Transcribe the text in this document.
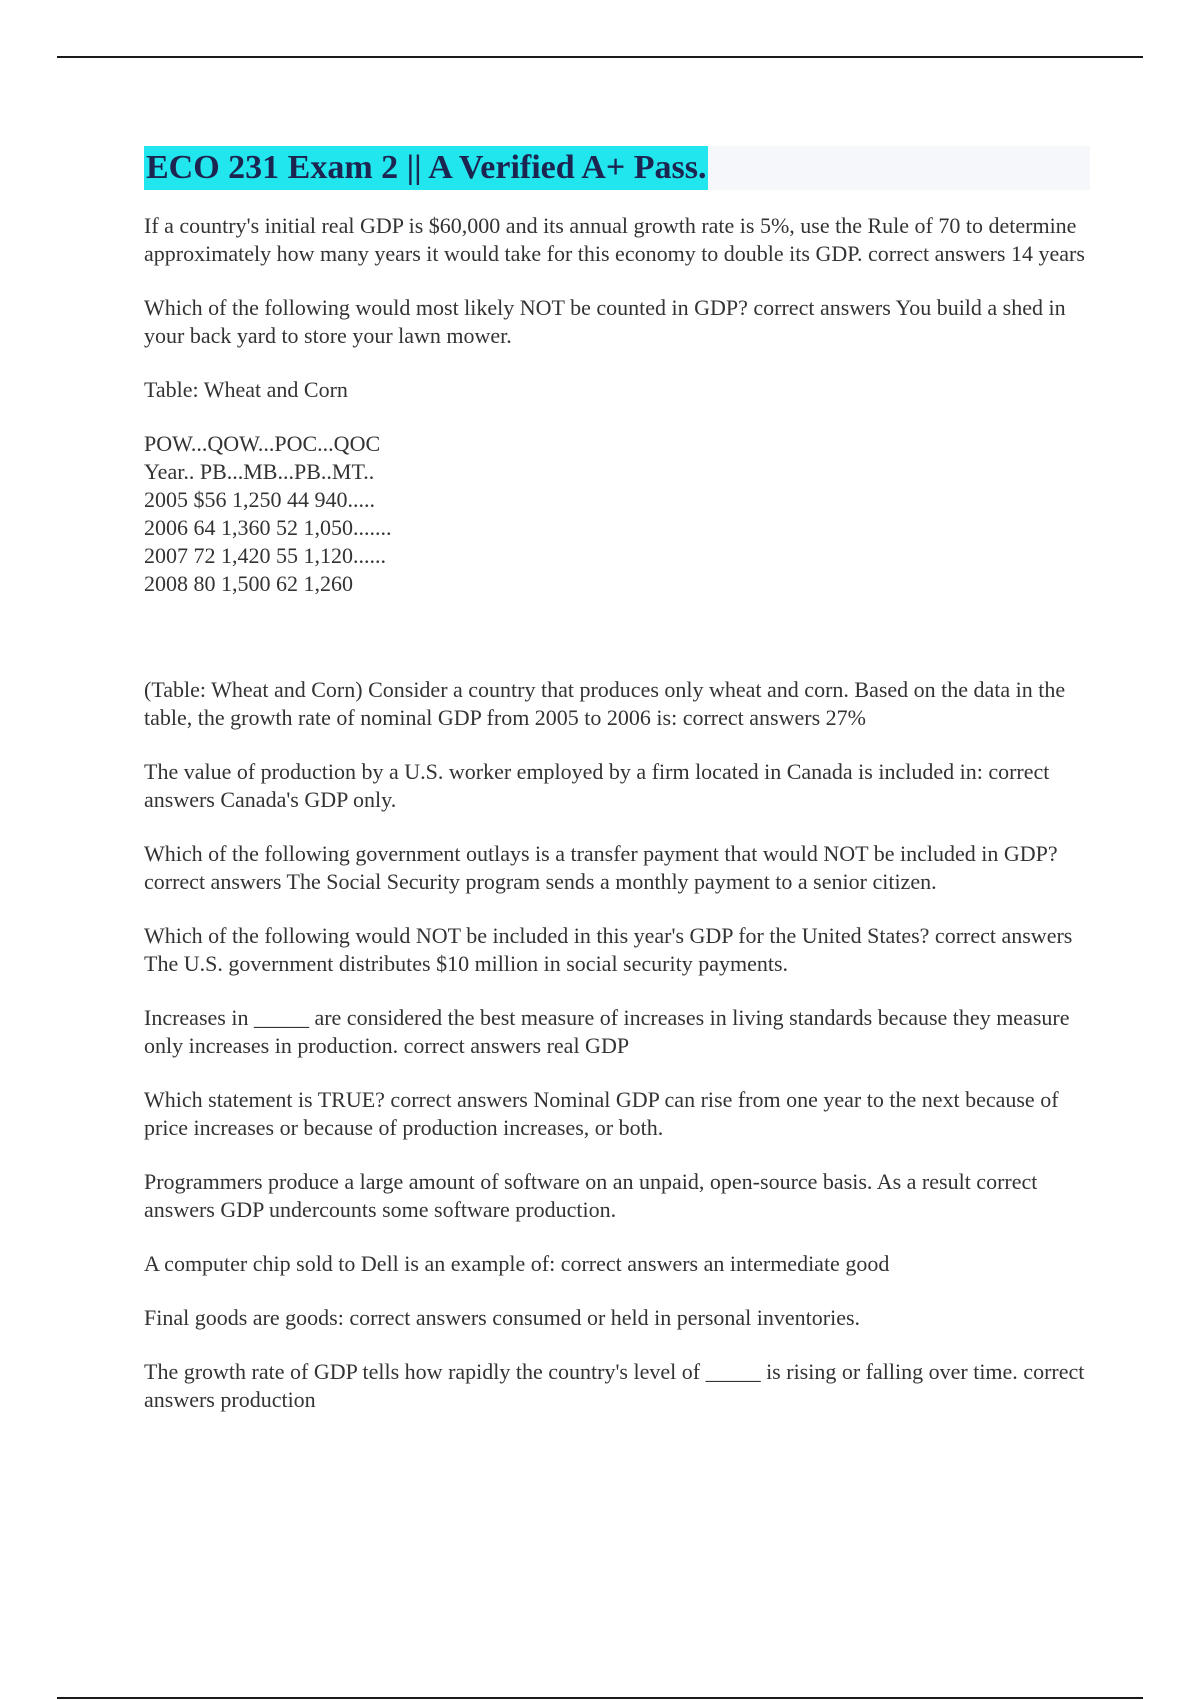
ECO 231 Exam 2 || A Verified A+ Pass.

If a country's initial real GDP is $60,000 and its annual growth rate is 5%, use the Rule of 70 to determine approximately how many years it would take for this economy to double its GDP. correct answers 14 years

Which of the following would most likely NOT be counted in GDP? correct answers You build a shed in your back yard to store your lawn mower.

Table: Wheat and Corn

POW...QOW...POC...QOC
Year.. PB...MB...PB..MT..
2005 $56 1,250 44 940.....
2006 64 1,360 52 1,050.......
2007 72 1,420 55 1,120......
2008 80 1,500 62 1,260

(Table: Wheat and Corn) Consider a country that produces only wheat and corn. Based on the data in the table, the growth rate of nominal GDP from 2005 to 2006 is: correct answers 27%

The value of production by a U.S. worker employed by a firm located in Canada is included in: correct answers Canada's GDP only.

Which of the following government outlays is a transfer payment that would NOT be included in GDP? correct answers The Social Security program sends a monthly payment to a senior citizen.

Which of the following would NOT be included in this year's GDP for the United States? correct answers The U.S. government distributes $10 million in social security payments.

Increases in _____ are considered the best measure of increases in living standards because they measure only increases in production. correct answers real GDP

Which statement is TRUE? correct answers Nominal GDP can rise from one year to the next because of price increases or because of production increases, or both.

Programmers produce a large amount of software on an unpaid, open-source basis. As a result correct answers GDP undercounts some software production.

A computer chip sold to Dell is an example of: correct answers an intermediate good

Final goods are goods: correct answers consumed or held in personal inventories.

The growth rate of GDP tells how rapidly the country's level of _____ is rising or falling over time. correct answers production
